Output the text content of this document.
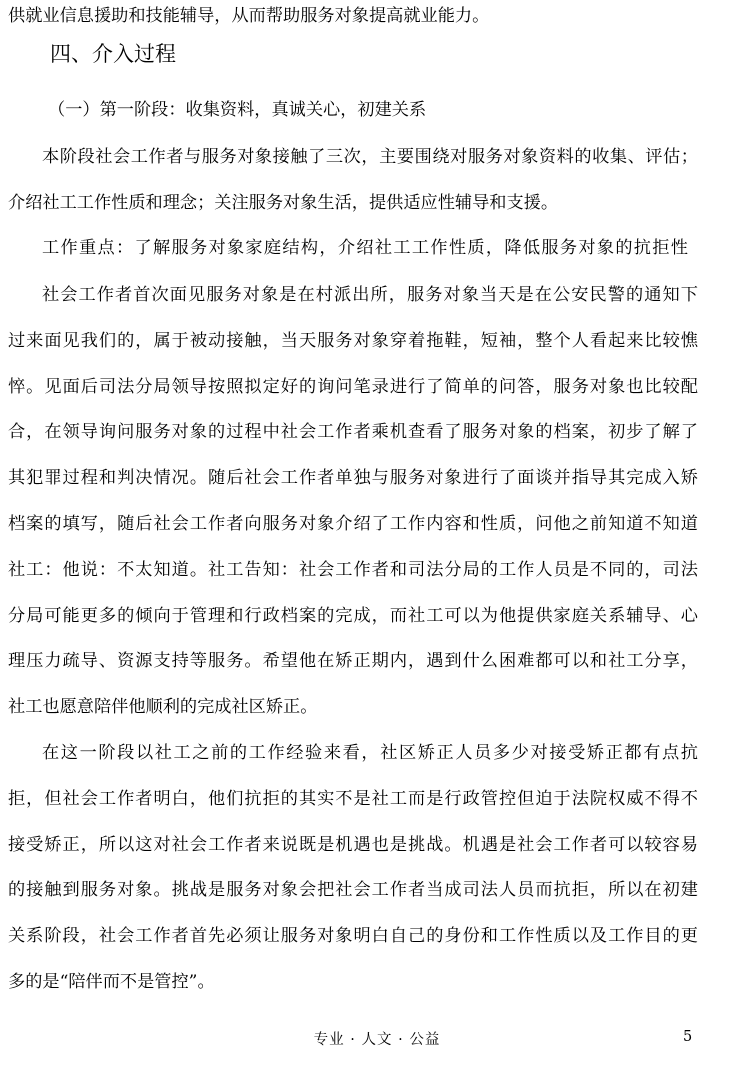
供就业信息援助和技能辅导，从而帮助服务对象提高就业能力。
四、介入过程
（一）第一阶段：收集资料，真诚关心，初建关系
本阶段社会工作者与服务对象接触了三次，主要围绕对服务对象资料的收集、评估；
介绍社工工作性质和理念；关注服务对象生活，提供适应性辅导和支援。
工作重点：了解服务对象家庭结构，介绍社工工作性质，降低服务对象的抗拒性
社会工作者首次面见服务对象是在村派出所，服务对象当天是在公安民警的通知下
过来面见我们的，属于被动接触，当天服务对象穿着拖鞋，短袖，整个人看起来比较憔
悴。见面后司法分局领导按照拟定好的询问笔录进行了简单的问答，服务对象也比较配
合，在领导询问服务对象的过程中社会工作者乘机查看了服务对象的档案，初步了解了
其犯罪过程和判决情况。随后社会工作者单独与服务对象进行了面谈并指导其完成入矫
档案的填写，随后社会工作者向服务对象介绍了工作内容和性质，问他之前知道不知道
社工：他说：不太知道。社工告知：社会工作者和司法分局的工作人员是不同的，司法
分局可能更多的倾向于管理和行政档案的完成，而社工可以为他提供家庭关系辅导、心
理压力疏导、资源支持等服务。希望他在矫正期内，遇到什么困难都可以和社工分享，
社工也愿意陪伴他顺利的完成社区矫正。
在这一阶段以社工之前的工作经验来看，社区矫正人员多少对接受矫正都有点抗
拒，但社会工作者明白，他们抗拒的其实不是社工而是行政管控但迫于法院权威不得不
接受矫正，所以这对社会工作者来说既是机遇也是挑战。机遇是社会工作者可以较容易
的接触到服务对象。挑战是服务对象会把社会工作者当成司法人员而抗拒，所以在初建
关系阶段，社会工作者首先必须让服务对象明白自己的身份和工作性质以及工作目的更
多的是“陪伴而不是管控”。
专业 · 人文 · 公益	5
